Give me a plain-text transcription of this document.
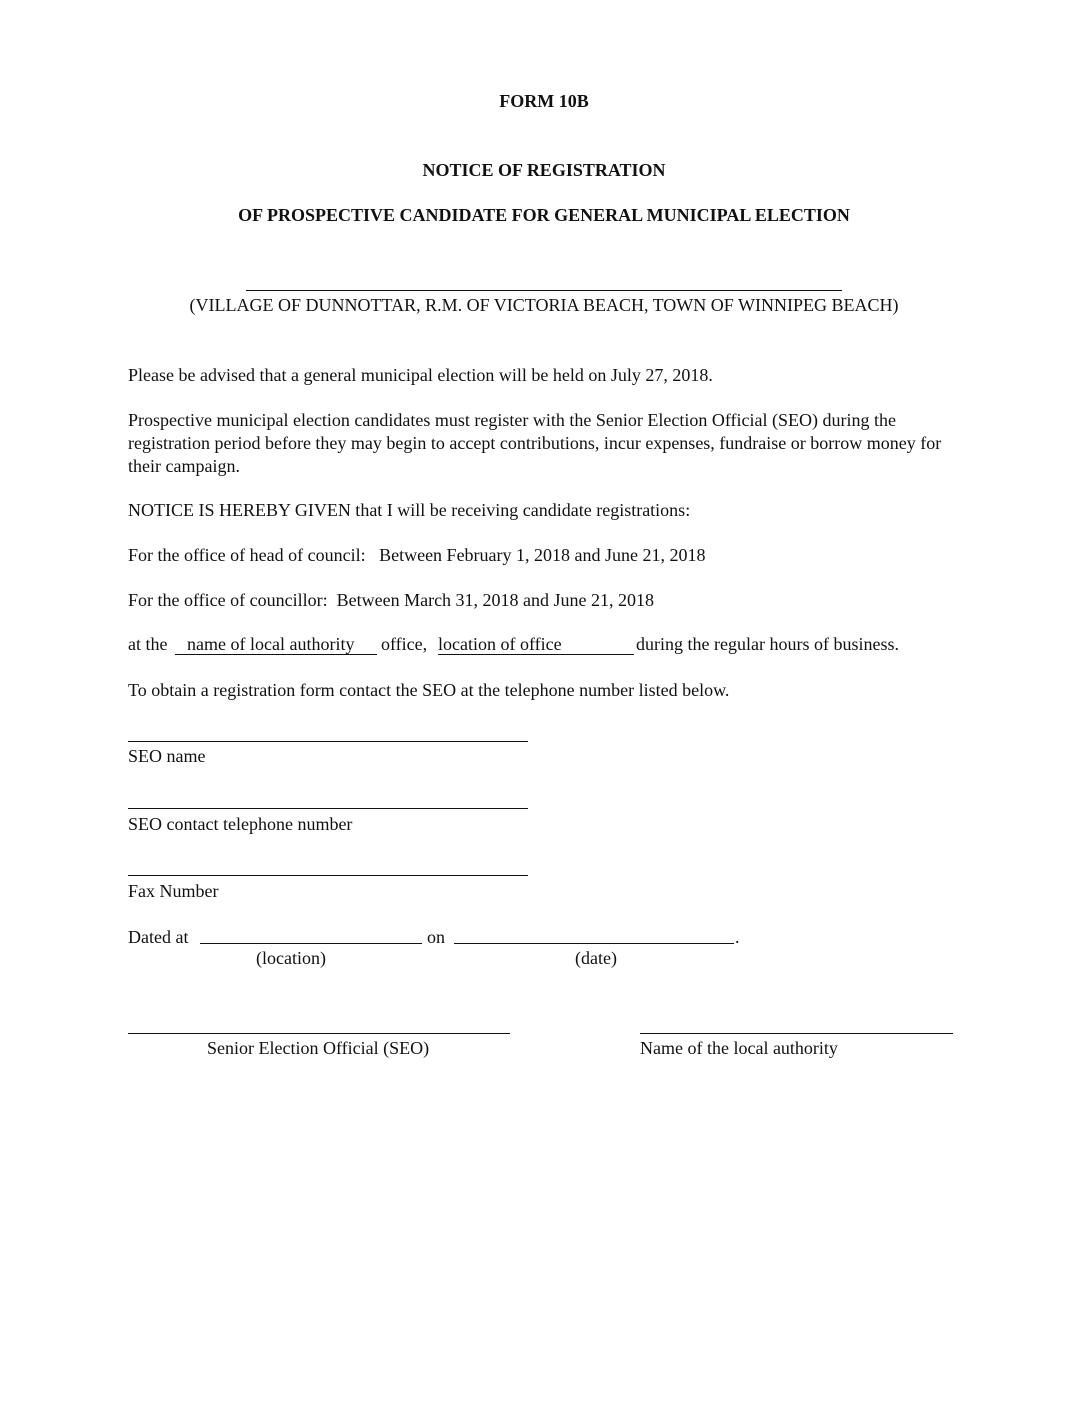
FORM 10B
NOTICE OF REGISTRATION
OF PROSPECTIVE CANDIDATE FOR GENERAL MUNICIPAL ELECTION
(VILLAGE OF DUNNOTTAR, R.M. OF VICTORIA BEACH, TOWN OF WINNIPEG BEACH)
Please be advised that a general municipal election will be held on July 27, 2018.
Prospective municipal election candidates must register with the Senior Election Official (SEO) during the registration period before they may begin to accept contributions, incur expenses, fundraise or borrow money for their campaign.
NOTICE IS HEREBY GIVEN that I will be receiving candidate registrations:
For the office of head of council:   Between February 1, 2018 and June 21, 2018
For the office of councillor:  Between March 31, 2018 and June 21, 2018
at the name of local authority office, location of office	during the regular hours of business.
To obtain a registration form contact the SEO at the telephone number listed below.
SEO name
SEO contact telephone number
Fax Number
Dated at	on	.
(location)	(date)
Senior Election Official (SEO)	Name of the local authority
